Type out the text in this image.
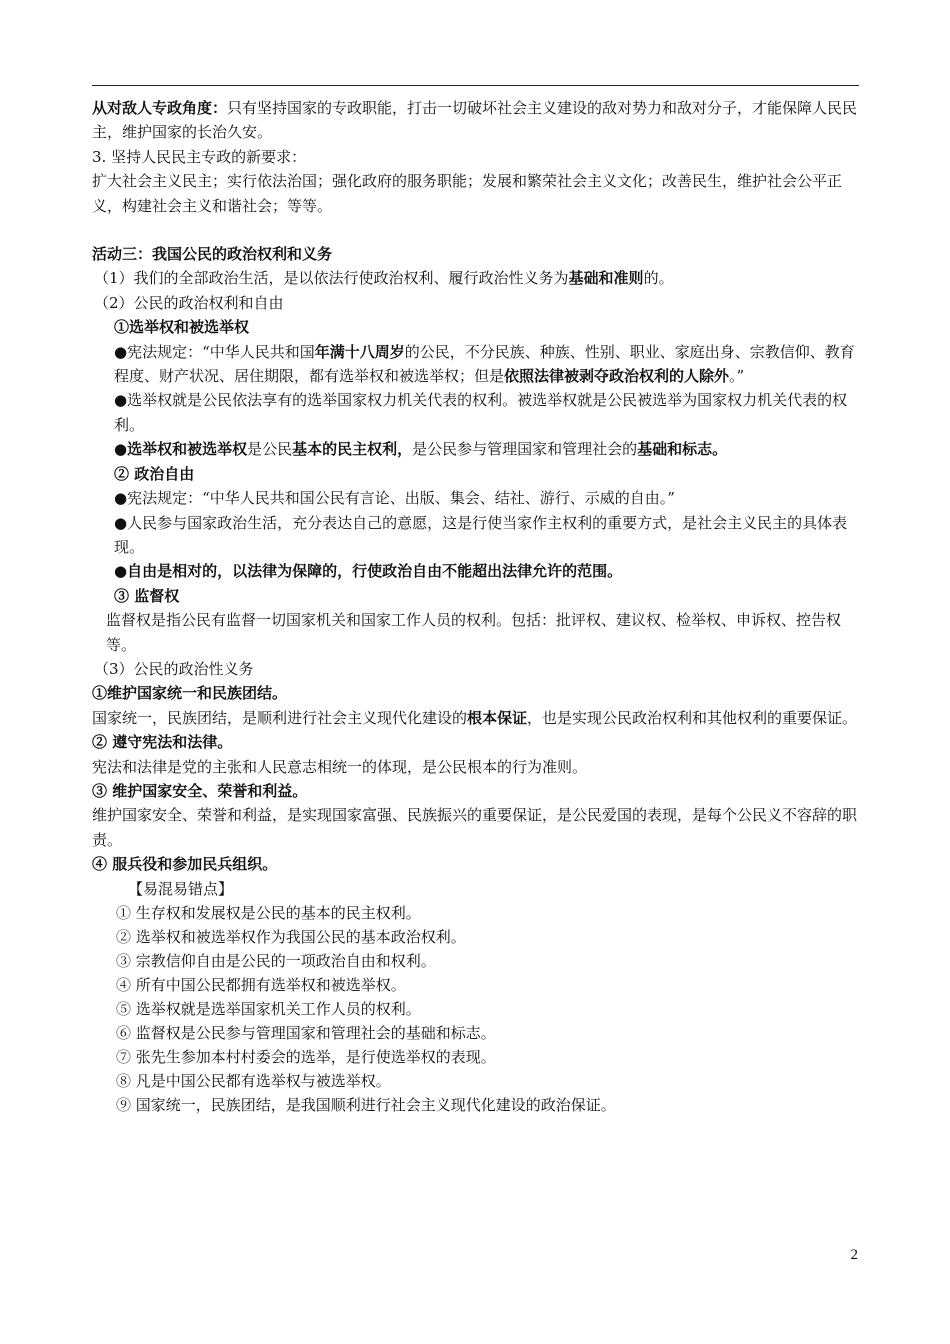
从对敌人专政角度：只有坚持国家的专政职能，打击一切破坏社会主义建设的敌对势力和敌对分子，才能保障人民民主，维护国家的长治久安。

3. 坚持人民民主专政的新要求：

扩大社会主义民主；实行依法治国；强化政府的服务职能；发展和繁荣社会主义文化；改善民生，维护社会公平正义，构建社会主义和谐社会；等等。

活动三：我国公民的政治权利和义务

（1）我们的全部政治生活，是以依法行使政治权利、履行政治性义务为基础和准则的。

（2）公民的政治权利和自由

①选举权和被选举权

●宪法规定：“中华人民共和国年满十八周岁的公民，不分民族、种族、性别、职业、家庭出身、宗教信仰、教育程度、财产状况、居住期限，都有选举权和被选举权；但是依照法律被剥夺政治权利的人除外。”

●选举权就是公民依法享有的选举国家权力机关代表的权利。被选举权就是公民被选举为国家权力机关代表的权利。

●选举权和被选举权是公民基本的民主权利，是公民参与管理国家和管理社会的基础和标志。

② 政治自由

●宪法规定：“中华人民共和国公民有言论、出版、集会、结社、游行、示威的自由。”

●人民参与国家政治生活，充分表达自己的意愿，这是行使当家作主权利的重要方式，是社会主义民主的具体表现。

●自由是相对的，以法律为保障的，行使政治自由不能超出法律允许的范围。

③ 监督权

监督权是指公民有监督一切国家机关和国家工作人员的权利。包括：批评权、建议权、检举权、申诉权、控告权等。

（3）公民的政治性义务

①维护国家统一和民族团结。

国家统一，民族团结，是顺利进行社会主义现代化建设的根本保证，也是实现公民政治权利和其他权利的重要保证。

② 遵守宪法和法律。

宪法和法律是党的主张和人民意志相统一的体现，是公民根本的行为准则。

③ 维护国家安全、荣誉和利益。

维护国家安全、荣誉和利益，是实现国家富强、民族振兴的重要保证，是公民爱国的表现，是每个公民义不容辞的职责。

④ 服兵役和参加民兵组织。

【易混易错点】

① 生存权和发展权是公民的基本的民主权利。

② 选举权和被选举权作为我国公民的基本政治权利。

③ 宗教信仰自由是公民的一项政治自由和权利。

④ 所有中国公民都拥有选举权和被选举权。

⑤ 选举权就是选举国家机关工作人员的权利。

⑥ 监督权是公民参与管理国家和管理社会的基础和标志。

⑦ 张先生参加本村村委会的选举，是行使选举权的表现。

⑧ 凡是中国公民都有选举权与被选举权。

⑨ 国家统一，民族团结，是我国顺利进行社会主义现代化建设的政治保证。

2
